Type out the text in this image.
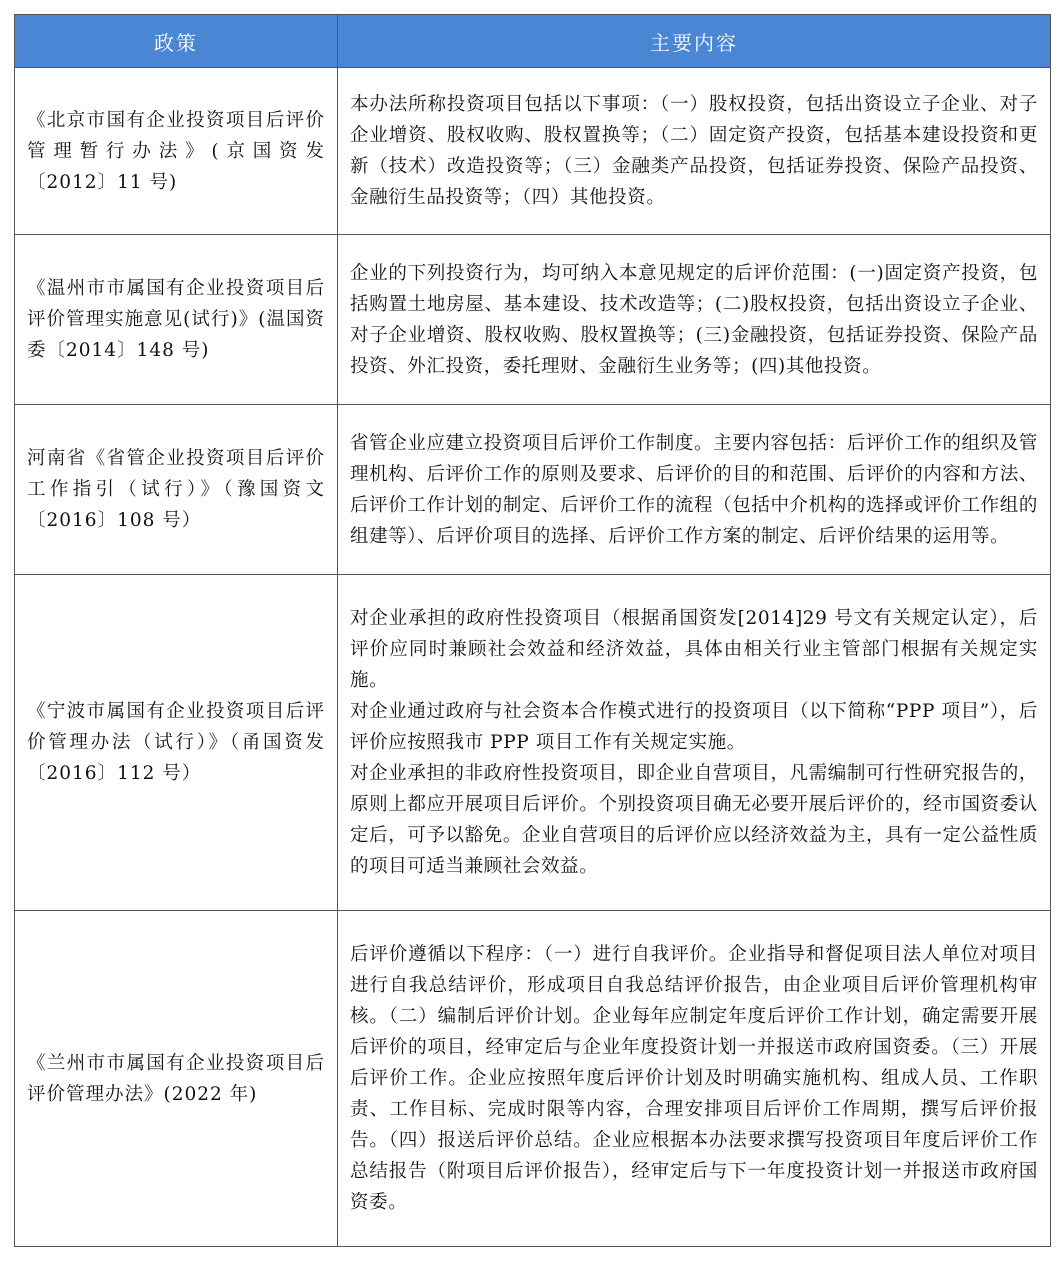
政策	主要内容
《北京市国有企业投资项目后评价管理暂行办法》(京国资发〔2012〕11 号)	本办法所称投资项目包括以下事项：（一）股权投资，包括出资设立子企业、对子企业增资、股权收购、股权置换等；（二）固定资产投资，包括基本建设投资和更新（技术）改造投资等；（三）金融类产品投资，包括证券投资、保险产品投资、金融衍生品投资等；（四）其他投资。

《温州市市属国有企业投资项目后评价管理实施意见(试行)》(温国资委〔2014〕148 号)	企业的下列投资行为，均可纳入本意见规定的后评价范围：(一)固定资产投资，包括购置土地房屋、基本建设、技术改造等；(二)股权投资，包括出资设立子企业、对子企业增资、股权收购、股权置换等；(三)金融投资，包括证券投资、保险产品投资、外汇投资，委托理财、金融衍生业务等；(四)其他投资。

河南省《省管企业投资项目后评价工作指引（试行）》（豫国资文〔2016〕108 号）	省管企业应建立投资项目后评价工作制度。主要内容包括：后评价工作的组织及管理机构、后评价工作的原则及要求、后评价的目的和范围、后评价的内容和方法、后评价工作计划的制定、后评价工作的流程（包括中介机构的选择或评价工作组的组建等）、后评价项目的选择、后评价工作方案的制定、后评价结果的运用等。

《宁波市属国有企业投资项目后评价管理办法（试行）》（甬国资发〔2016〕112 号）	对企业承担的政府性投资项目（根据甬国资发[2014]29 号文有关规定认定），后评价应同时兼顾社会效益和经济效益，具体由相关行业主管部门根据有关规定实施。

对企业通过政府与社会资本合作模式进行的投资项目（以下简称“PPP 项目”），后评价应按照我市 PPP 项目工作有关规定实施。

对企业承担的非政府性投资项目，即企业自营项目，凡需编制可行性研究报告的，原则上都应开展项目后评价。个别投资项目确无必要开展后评价的，经市国资委认定后，可予以豁免。企业自营项目的后评价应以经济效益为主，具有一定公益性质的项目可适当兼顾社会效益。

《兰州市市属国有企业投资项目后评价管理办法》(2022 年)	后评价遵循以下程序：（一）进行自我评价。企业指导和督促项目法人单位对项目进行自我总结评价，形成项目自我总结评价报告，由企业项目后评价管理机构审核。（二）编制后评价计划。企业每年应制定年度后评价工作计划，确定需要开展后评价的项目，经审定后与企业年度投资计划一并报送市政府国资委。（三）开展后评价工作。企业应按照年度后评价计划及时明确实施机构、组成人员、工作职责、工作目标、完成时限等内容，合理安排项目后评价工作周期，撰写后评价报告。（四）报送后评价总结。企业应根据本办法要求撰写投资项目年度后评价工作总结报告（附项目后评价报告），经审定后与下一年度投资计划一并报送市政府国资委。
